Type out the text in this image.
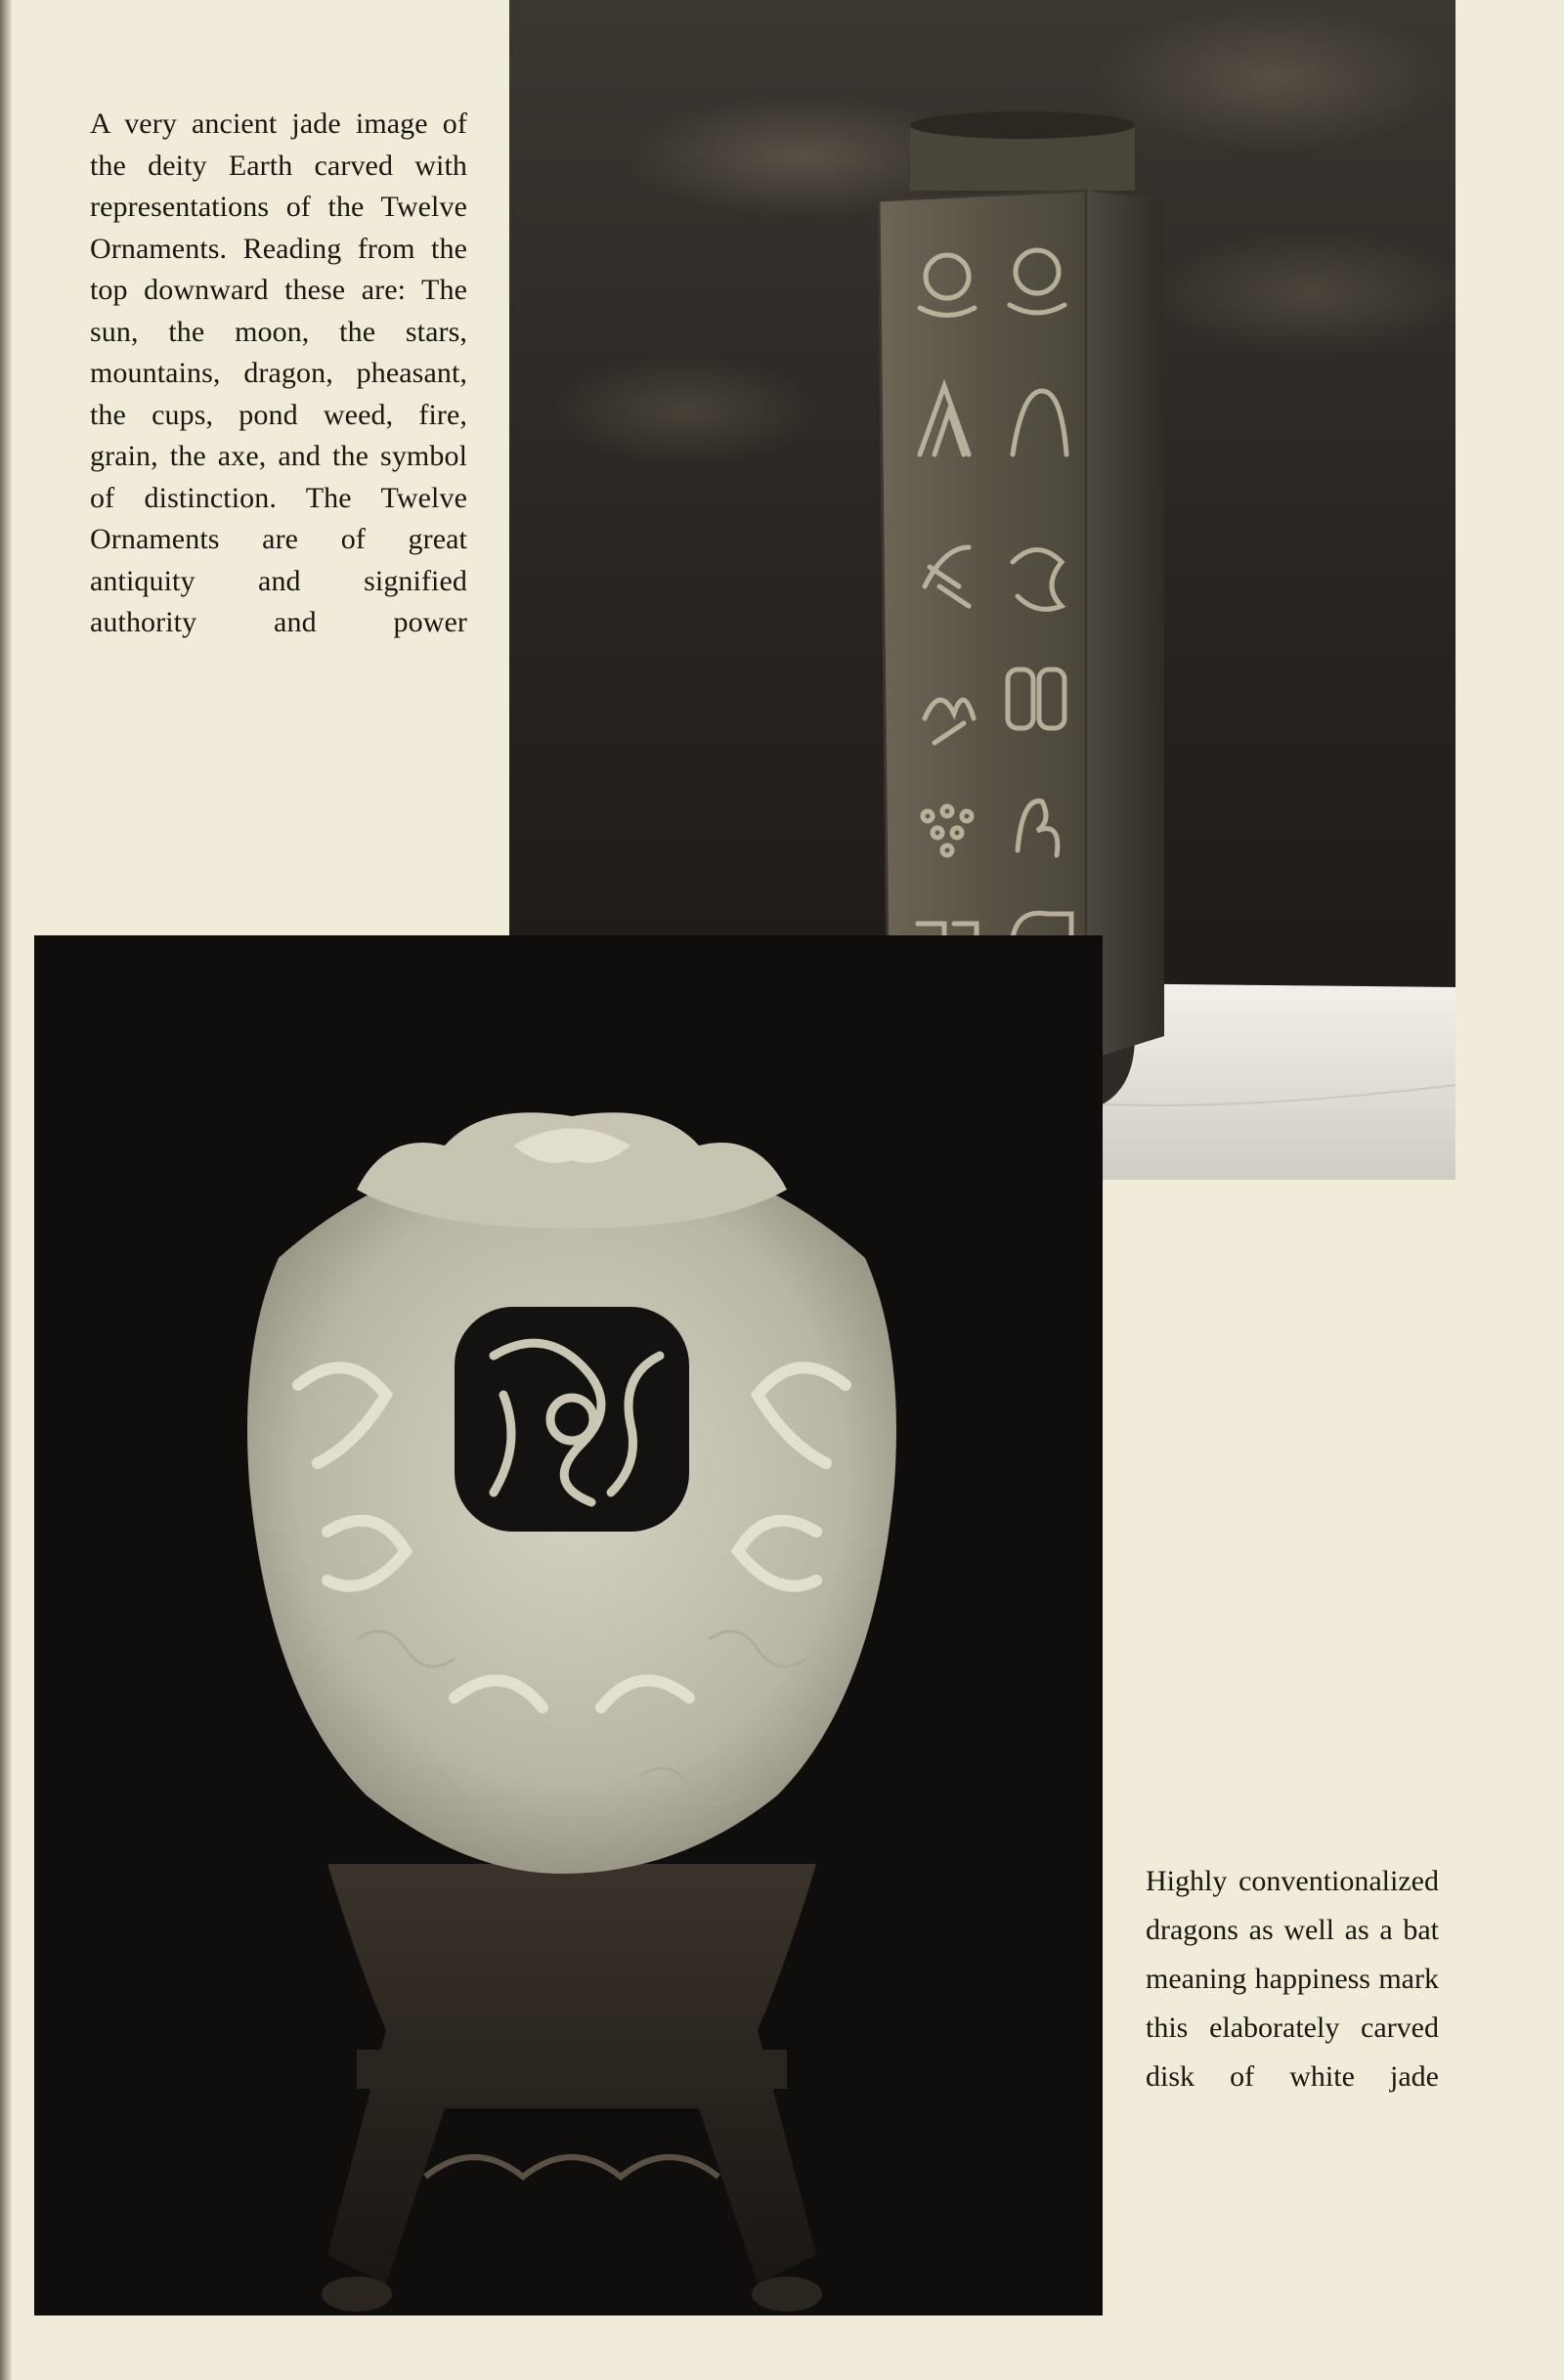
A very ancient jade image of the deity Earth carved with representations of the Twelve Ornaments. Reading from the top downward these are: The sun, the moon, the stars, mountains, dragon, pheasant, the cups, pond weed, fire, grain, the axe, and the symbol of distinction. The Twelve Ornaments are of great antiquity and signified authority and power

Highly conventionalized dragons as well as a bat meaning happiness mark this elaborately carved disk of white jade
